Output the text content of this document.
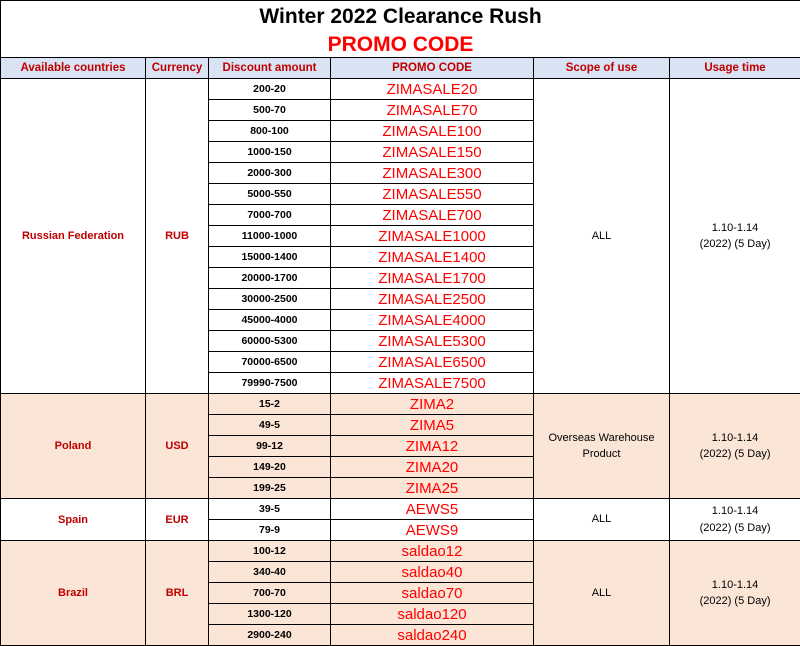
Winter 2022 Clearance Rush					
PROMO CODE					
Available countries	Currency	Discount amount	PROMO CODE	Scope of use	Usage time
Russian Federation	RUB	200-20	ZIMASALE20	ALL	1.10-1.14
(2022) (5 Day)
		500-70	ZIMASALE70		
		800-100	ZIMASALE100		
		1000-150	ZIMASALE150		
		2000-300	ZIMASALE300		
		5000-550	ZIMASALE550		
		7000-700	ZIMASALE700		
		11000-1000	ZIMASALE1000		
		15000-1400	ZIMASALE1400		
		20000-1700	ZIMASALE1700		
		30000-2500	ZIMASALE2500		
		45000-4000	ZIMASALE4000		
		60000-5300	ZIMASALE5300		
		70000-6500	ZIMASALE6500		
		79990-7500	ZIMASALE7500		
Poland	USD	15-2	ZIMA2	Overseas Warehouse Product	1.10-1.14
(2022) (5 Day)
		49-5	ZIMA5		
		99-12	ZIMA12		
		149-20	ZIMA20		
		199-25	ZIMA25		
Spain	EUR	39-5	AEWS5	ALL	1.10-1.14
(2022) (5 Day)
		79-9	AEWS9		
Brazil	BRL	100-12	saldao12	ALL	1.10-1.14
(2022) (5 Day)
		340-40	saldao40		
		700-70	saldao70		
		1300-120	saldao120		
		2900-240	saldao240		
